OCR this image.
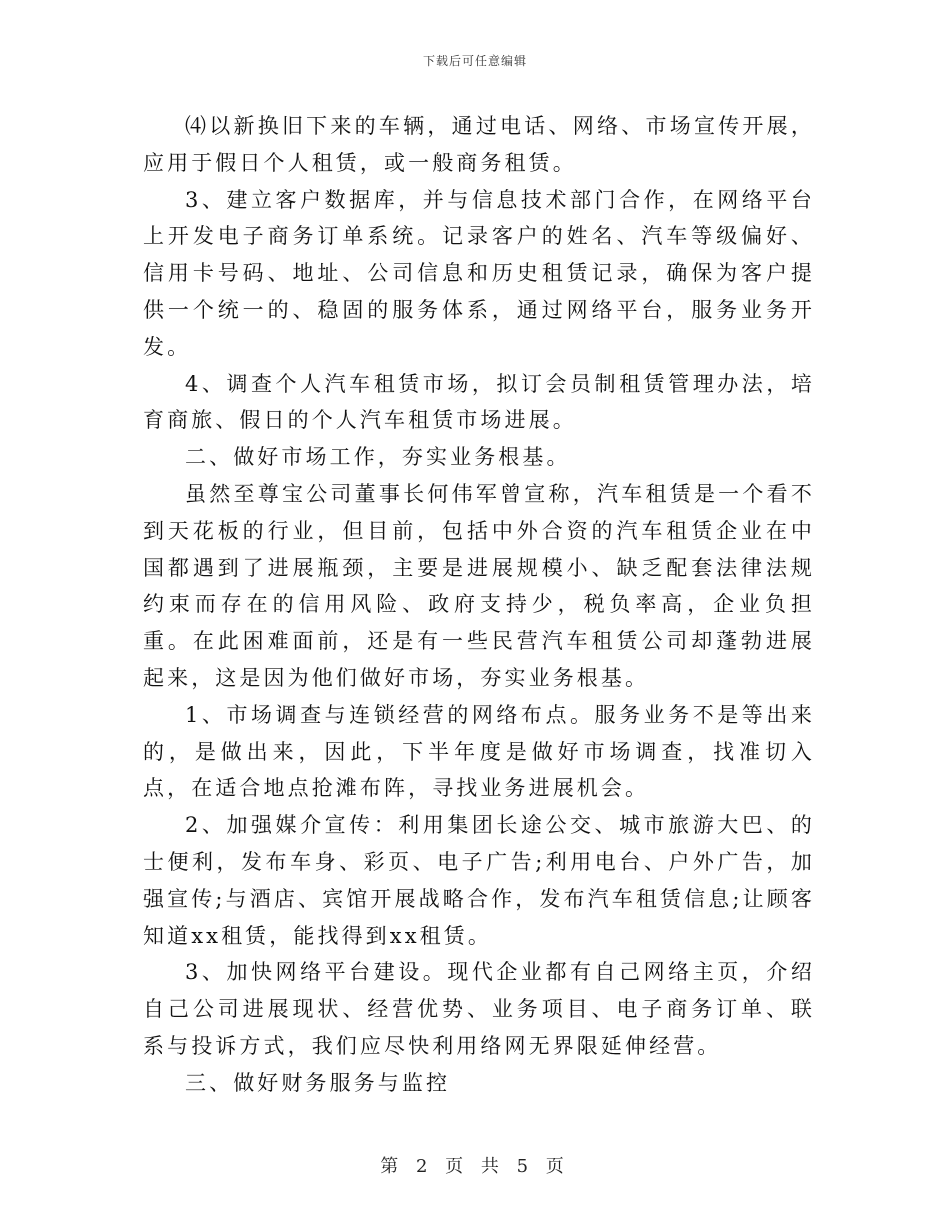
下载后可任意编辑

⑷以新换旧下来的车辆，通过电话、网络、市场宣传开展，应用于假日个人租赁，或一般商务租赁。

3、建立客户数据库，并与信息技术部门合作，在网络平台上开发电子商务订单系统。记录客户的姓名、汽车等级偏好、信用卡号码、地址、公司信息和历史租赁记录，确保为客户提供一个统一的、稳固的服务体系，通过网络平台，服务业务开发。

4、调查个人汽车租赁市场，拟订会员制租赁管理办法，培育商旅、假日的个人汽车租赁市场进展。

二、做好市场工作，夯实业务根基。

虽然至尊宝公司董事长何伟军曾宣称，汽车租赁是一个看不到天花板的行业，但目前，包括中外合资的汽车租赁企业在中国都遇到了进展瓶颈，主要是进展规模小、缺乏配套法律法规约束而存在的信用风险、政府支持少，税负率高，企业负担重。在此困难面前，还是有一些民营汽车租赁公司却蓬勃进展起来，这是因为他们做好市场，夯实业务根基。

1、市场调查与连锁经营的网络布点。服务业务不是等出来的，是做出来，因此，下半年度是做好市场调查，找准切入点，在适合地点抢滩布阵，寻找业务进展机会。

2、加强媒介宣传：利用集团长途公交、城市旅游大巴、的士便利，发布车身、彩页、电子广告;利用电台、户外广告，加强宣传;与酒店、宾馆开展战略合作，发布汽车租赁信息;让顾客知道xx租赁，能找得到xx租赁。

3、加快网络平台建设。现代企业都有自己网络主页，介绍自己公司进展现状、经营优势、业务项目、电子商务订单、联系与投诉方式，我们应尽快利用络网无界限延伸经营。

三、做好财务服务与监控

第 2 页 共 5 页
